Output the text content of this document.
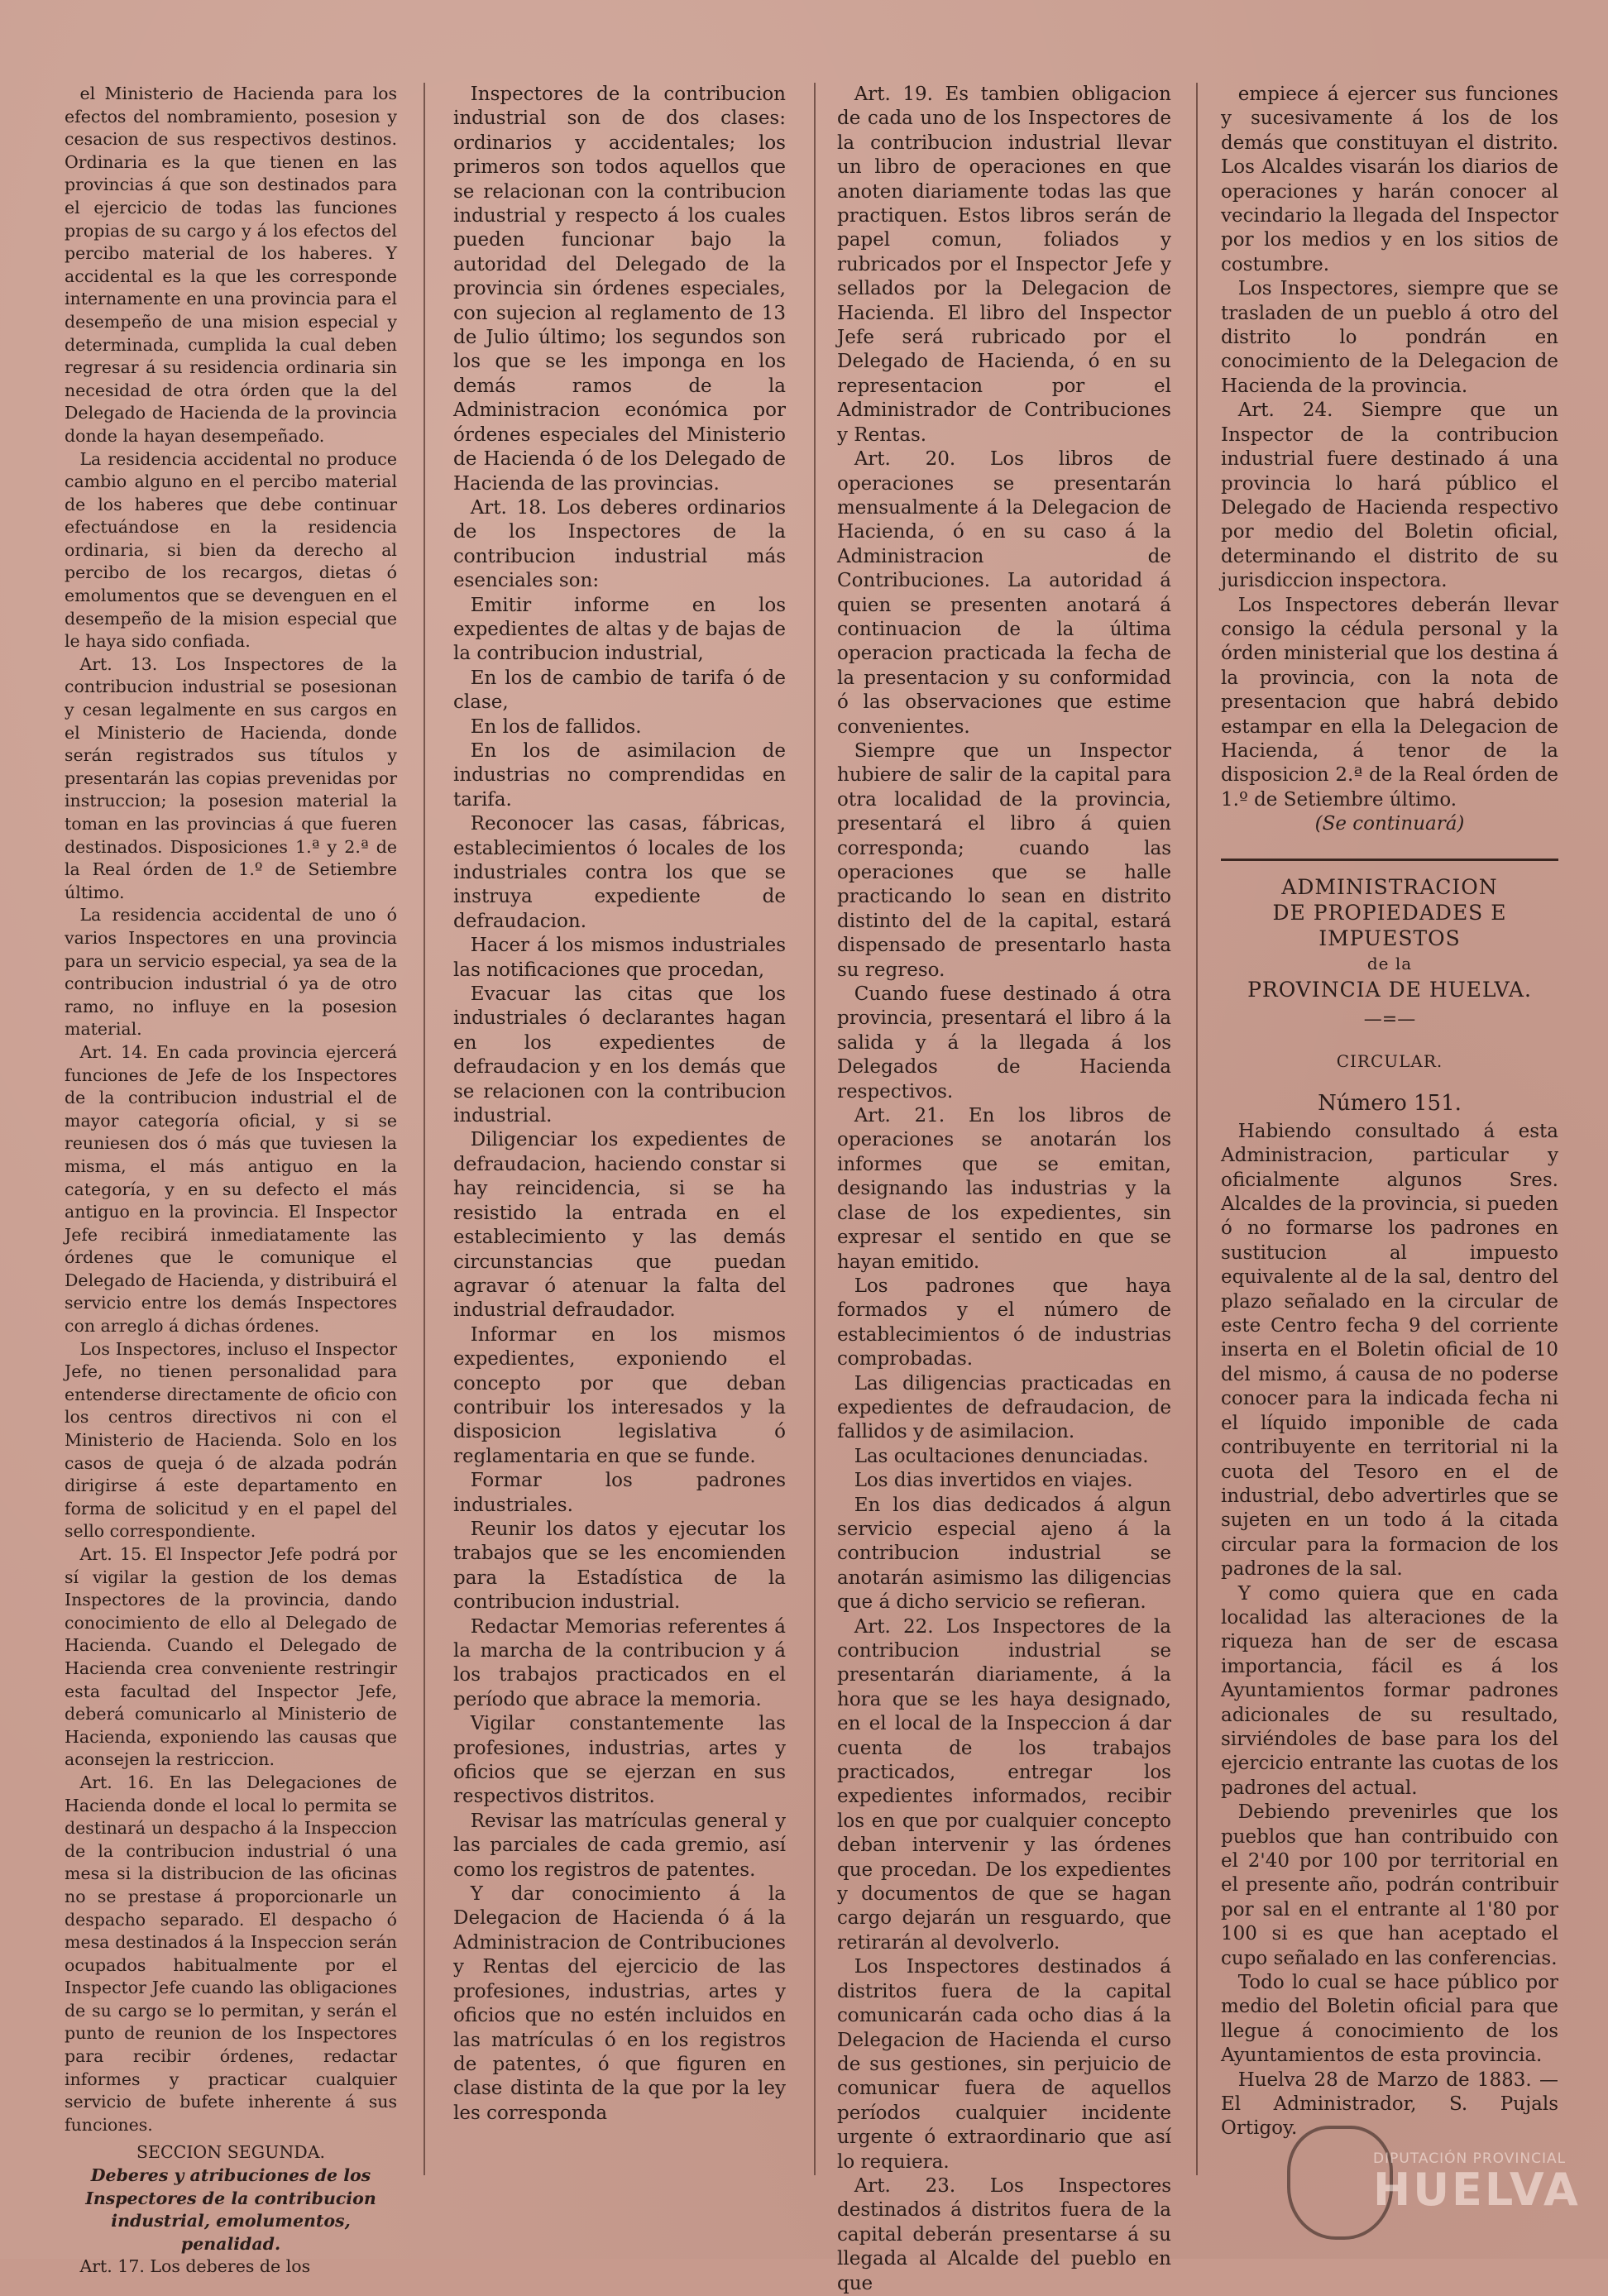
el Ministerio de Hacienda para los efectos del nombramiento, posesion y cesacion de sus respectivos destinos. Ordinaria es la que tienen en las provincias á que son destinados para el ejercicio de todas las funciones propias de su cargo y á los efectos del percibo material de los haberes. Y accidental es la que les corresponde internamente en una provincia para el desempeño de una mision especial y determinada, cumplida la cual deben regresar á su residencia ordinaria sin necesidad de otra órden que la del Delegado de Hacienda de la provincia donde la hayan desempeñado.

La residencia accidental no produce cambio alguno en el percibo material de los haberes que debe continuar efectuándose en la residencia ordinaria, si bien da derecho al percibo de los recargos, dietas ó emolumentos que se devenguen en el desempeño de la mision especial que le haya sido confiada.

Art. 13. Los Inspectores de la contribucion industrial se posesionan y cesan legalmente en sus cargos en el Ministerio de Hacienda, donde serán registrados sus títulos y presentarán las copias prevenidas por instruccion; la posesion material la toman en las provincias á que fueren destinados. Disposiciones 1.ª y 2.ª de la Real órden de 1.º de Setiembre último.

La residencia accidental de uno ó varios Inspectores en una provincia para un servicio especial, ya sea de la contribucion industrial ó ya de otro ramo, no influye en la posesion material.

Art. 14. En cada provincia ejercerá funciones de Jefe de los Inspectores de la contribucion industrial el de mayor categoría oficial, y si se reuniesen dos ó más que tuviesen la misma, el más antiguo en la categoría, y en su defecto el más antiguo en la provincia. El Inspector Jefe recibirá inmediatamente las órdenes que le comunique el Delegado de Hacienda, y distribuirá el servicio entre los demás Inspectores con arreglo á dichas órdenes.

Los Inspectores, incluso el Inspector Jefe, no tienen personalidad para entenderse directamente de oficio con los centros directivos ni con el Ministerio de Hacienda. Solo en los casos de queja ó de alzada podrán dirigirse á este departamento en forma de solicitud y en el papel del sello correspondiente.

Art. 15. El Inspector Jefe podrá por sí vigilar la gestion de los demas Inspectores de la provincia, dando conocimiento de ello al Delegado de Hacienda. Cuando el Delegado de Hacienda crea conveniente restringir esta facultad del Inspector Jefe, deberá comunicarlo al Ministerio de Hacienda, exponiendo las causas que aconsejen la restriccion.

Art. 16. En las Delegaciones de Hacienda donde el local lo permita se destinará un despacho á la Inspeccion de la contribucion industrial ó una mesa si la distribucion de las oficinas no se prestase á proporcionarle un despacho separado. El despacho ó mesa destinados á la Inspeccion serán ocupados habitualmente por el Inspector Jefe cuando las obligaciones de su cargo se lo permitan, y serán el punto de reunion de los Inspectores para recibir órdenes, redactar informes y practicar cualquier servicio de bufete inherente á sus funciones.

SECCION SEGUNDA.

Deberes y atribuciones de los Inspectores de la contribucion industrial, emolumentos, penalidad.

Art. 17. Los deberes de los

Inspectores de la contribucion industrial son de dos clases: ordinarios y accidentales; los primeros son todos aquellos que se relacionan con la contribucion industrial y respecto á los cuales pueden funcionar bajo la autoridad del Delegado de la provincia sin órdenes especiales, con sujecion al reglamento de 13 de Julio último; los segundos son los que se les imponga en los demás ramos de la Administracion económica por órdenes especiales del Ministerio de Hacienda ó de los Delegado de Hacienda de las provincias.

Art. 18. Los deberes ordinarios de los Inspectores de la contribucion industrial más esenciales son:

Emitir informe en los expedientes de altas y de bajas de la contribucion industrial,

En los de cambio de tarifa ó de clase,

En los de fallidos.

En los de asimilacion de industrias no comprendidas en tarifa.

Reconocer las casas, fábricas, establecimientos ó locales de los industriales contra los que se instruya expediente de defraudacion.

Hacer á los mismos industriales las notificaciones que procedan,

Evacuar las citas que los industriales ó declarantes hagan en los expedientes de defraudacion y en los demás que se relacionen con la contribucion industrial.

Diligenciar los expedientes de defraudacion, haciendo constar si hay reincidencia, si se ha resistido la entrada en el establecimiento y las demás circunstancias que puedan agravar ó atenuar la falta del industrial defraudador.

Informar en los mismos expedientes, exponiendo el concepto por que deban contribuir los interesados y la disposicion legislativa ó reglamentaria en que se funde.

Formar los padrones industriales.

Reunir los datos y ejecutar los trabajos que se les encomienden para la Estadística de la contribucion industrial.

Redactar Memorias referentes á la marcha de la contribucion y á los trabajos practicados en el período que abrace la memoria.

Vigilar constantemente las profesiones, industrias, artes y oficios que se ejerzan en sus respectivos distritos.

Revisar las matrículas general y las parciales de cada gremio, así como los registros de patentes.

Y dar conocimiento á la Delegacion de Hacienda ó á la Administracion de Contribuciones y Rentas del ejercicio de las profesiones, industrias, artes y oficios que no estén incluidos en las matrículas ó en los registros de patentes, ó que figuren en clase distinta de la que por la ley les corresponda

Art. 19. Es tambien obligacion de cada uno de los Inspectores de la contribucion industrial llevar un libro de operaciones en que anoten diariamente todas las que practiquen. Estos libros serán de papel comun, foliados y rubricados por el Inspector Jefe y sellados por la Delegacion de Hacienda. El libro del Inspector Jefe será rubricado por el Delegado de Hacienda, ó en su representacion por el Administrador de Contribuciones y Rentas.

Art. 20. Los libros de operaciones se presentarán mensualmente á la Delegacion de Hacienda, ó en su caso á la Administracion de Contribuciones. La autoridad á quien se presenten anotará á continuacion de la última operacion practicada la fecha de la presentacion y su conformidad ó las observaciones que estime convenientes.

Siempre que un Inspector hubiere de salir de la capital para otra localidad de la provincia, presentará el libro á quien corresponda; cuando las operaciones que se halle practicando lo sean en distrito distinto del de la capital, estará dispensado de presentarlo hasta su regreso.

Cuando fuese destinado á otra provincia, presentará el libro á la salida y á la llegada á los Delegados de Hacienda respectivos.

Art. 21. En los libros de operaciones se anotarán los informes que se emitan, designando las industrias y la clase de los expedientes, sin expresar el sentido en que se hayan emitido.

Los padrones que haya formados y el número de establecimientos ó de industrias comprobadas.

Las diligencias practicadas en expedientes de defraudacion, de fallidos y de asimilacion.

Las ocultaciones denunciadas.

Los dias invertidos en viajes.

En los dias dedicados á algun servicio especial ajeno á la contribucion industrial se anotarán asimismo las diligencias que á dicho servicio se refieran.

Art. 22. Los Inspectores de la contribucion industrial se presentarán diariamente, á la hora que se les haya designado, en el local de la Inspeccion á dar cuenta de los trabajos practicados, entregar los expedientes informados, recibir los en que por cualquier concepto deban intervenir y las órdenes que procedan. De los expedientes y documentos de que se hagan cargo dejarán un resguardo, que retirarán al devolverlo.

Los Inspectores destinados á distritos fuera de la capital comunicarán cada ocho dias á la Delegacion de Hacienda el curso de sus gestiones, sin perjuicio de comunicar fuera de aquellos períodos cualquier incidente urgente ó extraordinario que así lo requiera.

Art. 23. Los Inspectores destinados á distritos fuera de la capital deberán presentarse á su llegada al Alcalde del pueblo en que

empiece á ejercer sus funciones y sucesivamente á los de los demás que constituyan el distrito. Los Alcaldes visarán los diarios de operaciones y harán conocer al vecindario la llegada del Inspector por los medios y en los sitios de costumbre.

Los Inspectores, siempre que se trasladen de un pueblo á otro del distrito lo pondrán en conocimiento de la Delegacion de Hacienda de la provincia.

Art. 24. Siempre que un Inspector de la contribucion industrial fuere destinado á una provincia lo hará público el Delegado de Hacienda respectivo por medio del Boletin oficial, determinando el distrito de su jurisdiccion inspectora.

Los Inspectores deberán llevar consigo la cédula personal y la órden ministerial que los destina á la provincia, con la nota de presentacion que habrá debido estampar en ella la Delegacion de Hacienda, á tenor de la disposicion 2.ª de la Real órden de 1.º de Setiembre último.

(Se continuará)

ADMINISTRACION
DE PROPIEDADES E IMPUESTOS
de la
PROVINCIA DE HUELVA.
—=—
CIRCULAR.
Número 151.

Habiendo consultado á esta Administracion, particular y oficialmente algunos Sres. Alcaldes de la provincia, si pueden ó no formarse los padrones en sustitucion al impuesto equivalente al de la sal, dentro del plazo señalado en la circular de este Centro fecha 9 del corriente inserta en el Boletin oficial de 10 del mismo, á causa de no poderse conocer para la indicada fecha ni el líquido imponible de cada contribuyente en territorial ni la cuota del Tesoro en el de industrial, debo advertirles que se sujeten en un todo á la citada circular para la formacion de los padrones de la sal.

Y como quiera que en cada localidad las alteraciones de la riqueza han de ser de escasa importancia, fácil es á los Ayuntamientos formar padrones adicionales de su resultado, sirviéndoles de base para los del ejercicio entrante las cuotas de los padrones del actual.

Debiendo prevenirles que los pueblos que han contribuido con el 2'40 por 100 por territorial en el presente año, podrán contribuir por sal en el entrante al 1'80 por 100 si es que han aceptado el cupo señalado en las conferencias.

Todo lo cual se hace público por medio del Boletin oficial para que llegue á conocimiento de los Ayuntamientos de esta provincia.

Huelva 28 de Marzo de 1883. —El Administrador, S. Pujals Ortigoy.

DIPUTACIÓN PROVINCIAL
HUELVA
